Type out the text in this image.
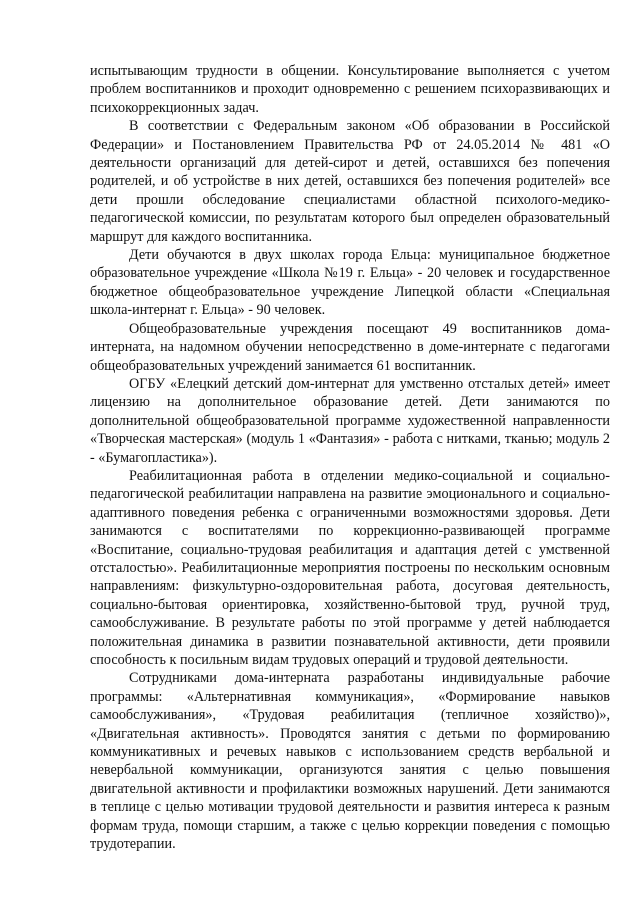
испытывающим трудности в общении. Консультирование выполняется с учетом проблем воспитанников и проходит одновременно с решением психоразвивающих и психокоррекционных задач.

В соответствии с Федеральным законом «Об образовании в Российской Федерации» и Постановлением Правительства РФ от 24.05.2014 № 481 «О деятельности организаций для детей-сирот и детей, оставшихся без попечения родителей, и об устройстве в них детей, оставшихся без попечения родителей» все дети прошли обследование специалистами областной психолого-медико-педагогической комиссии, по результатам которого был определен образовательный маршрут для каждого воспитанника.

Дети обучаются в двух школах города Ельца: муниципальное бюджетное образовательное учреждение «Школа №19 г. Ельца» - 20 человек и государственное бюджетное общеобразовательное учреждение Липецкой области «Специальная школа-интернат г. Ельца» - 90 человек.

Общеобразовательные учреждения посещают 49 воспитанников дома-интерната, на надомном обучении непосредственно в доме-интернате с педагогами общеобразовательных учреждений занимается 61 воспитанник.

ОГБУ «Елецкий детский дом-интернат для умственно отсталых детей» имеет лицензию на дополнительное образование детей. Дети занимаются по дополнительной общеобразовательной программе художественной направленности «Творческая мастерская» (модуль 1 «Фантазия» - работа с нитками, тканью; модуль 2 - «Бумагопластика»).

Реабилитационная работа в отделении медико-социальной и социально-педагогической реабилитации направлена на развитие эмоционального и социально-адаптивного поведения ребенка с ограниченными возможностями здоровья. Дети занимаются с воспитателями по коррекционно-развивающей программе «Воспитание, социально-трудовая реабилитация и адаптация детей с умственной отсталостью». Реабилитационные мероприятия построены по нескольким основным направлениям: физкультурно-оздоровительная работа, досуговая деятельность, социально-бытовая ориентировка, хозяйственно-бытовой труд, ручной труд, самообслуживание. В результате работы по этой программе у детей наблюдается положительная динамика в развитии познавательной активности, дети проявили способность к посильным видам трудовых операций и трудовой деятельности.

Сотрудниками дома-интерната разработаны индивидуальные рабочие программы: «Альтернативная коммуникация», «Формирование навыков самообслуживания», «Трудовая реабилитация (тепличное хозяйство)», «Двигательная активность». Проводятся занятия с детьми по формированию коммуникативных и речевых навыков с использованием средств вербальной и невербальной коммуникации, организуются занятия с целью повышения двигательной активности и профилактики возможных нарушений. Дети занимаются в теплице с целью мотивации трудовой деятельности и развития интереса к разным формам труда, помощи старшим, а также с целью коррекции поведения с помощью трудотерапии.
